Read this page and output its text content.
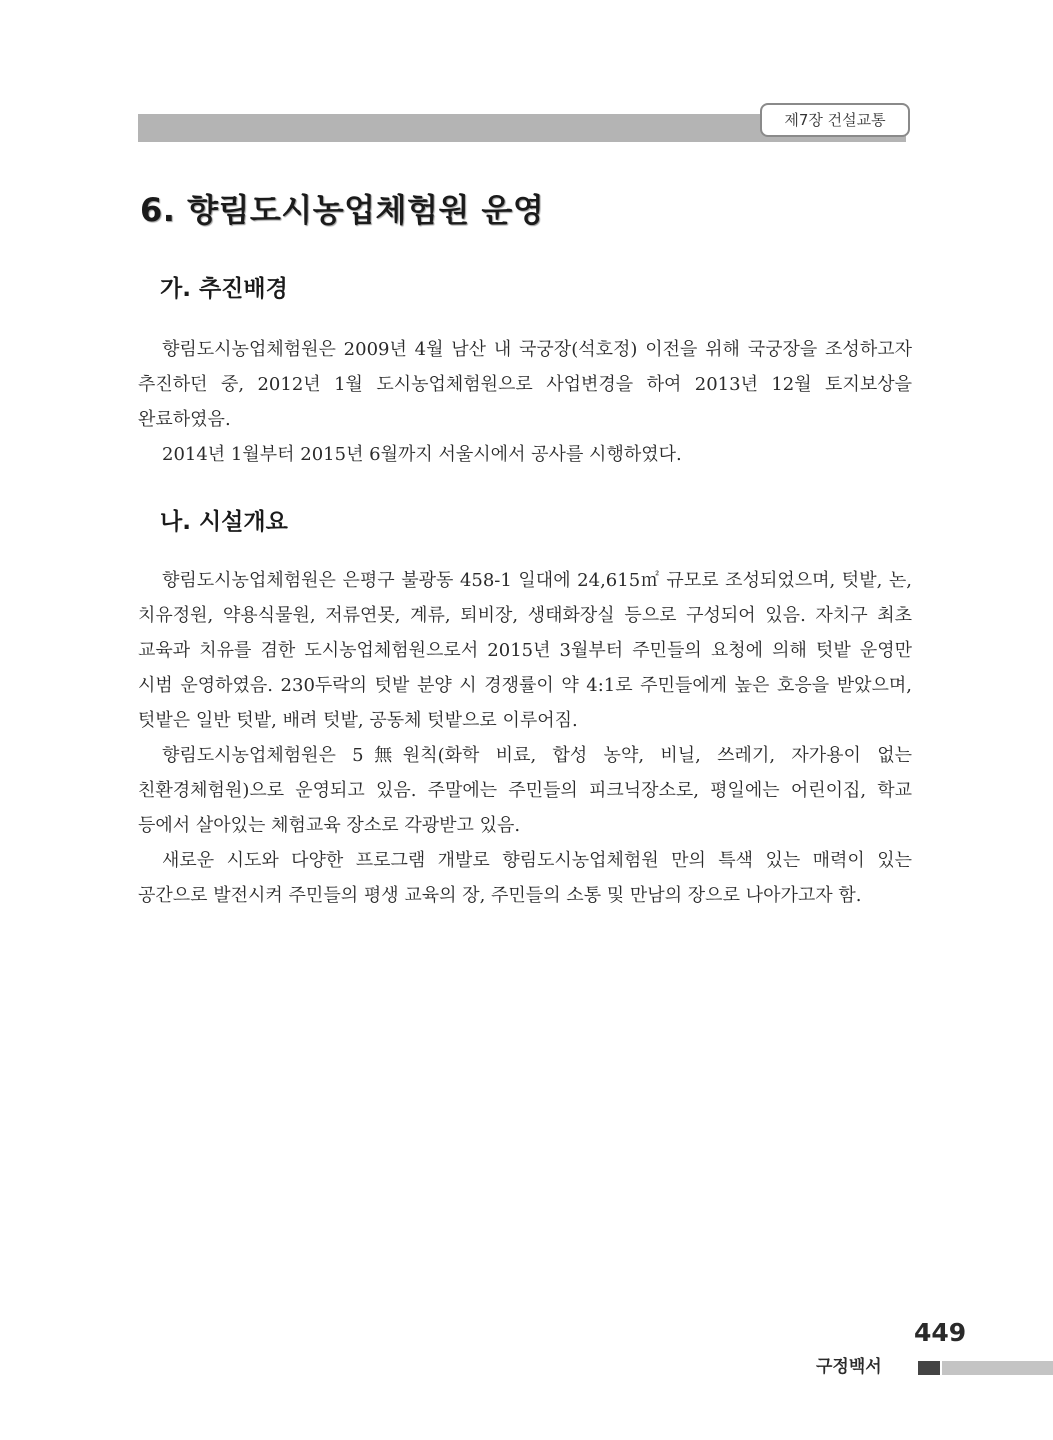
제7장 건설교통
6. 향림도시농업체험원 운영
가. 추진배경

향림도시농업체험원은 2009년 4월 남산 내 국궁장(석호정) 이전을 위해 국궁장을 조성하고자 추진하던 중, 2012년 1월 도시농업체험원으로 사업변경을 하여 2013년 12월 토지보상을 완료하였음.

2014년 1월부터 2015년 6월까지 서울시에서 공사를 시행하였다.

나. 시설개요

향림도시농업체험원은 은평구 불광동 458-1 일대에 24,615㎡ 규모로 조성되었으며, 텃밭, 논, 치유정원, 약용식물원, 저류연못, 계류, 퇴비장, 생태화장실 등으로 구성되어 있음. 자치구 최초 교육과 치유를 겸한 도시농업체험원으로서 2015년 3월부터 주민들의 요청에 의해 텃밭 운영만 시범 운영하였음. 230두락의 텃밭 분양 시 경쟁률이 약 4:1로 주민들에게 높은 호응을 받았으며, 텃밭은 일반 텃밭, 배려 텃밭, 공동체 텃밭으로 이루어짐.

향림도시농업체험원은 5無원칙(화학 비료, 합성 농약, 비닐, 쓰레기, 자가용이 없는 친환경체험원)으로 운영되고 있음. 주말에는 주민들의 피크닉장소로, 평일에는 어린이집, 학교 등에서 살아있는 체험교육 장소로 각광받고 있음.

새로운 시도와 다양한 프로그램 개발로 향림도시농업체험원 만의 특색 있는 매력이 있는 공간으로 발전시켜 주민들의 평생 교육의 장, 주민들의 소통 및 만남의 장으로 나아가고자 함.

449
구정백서
